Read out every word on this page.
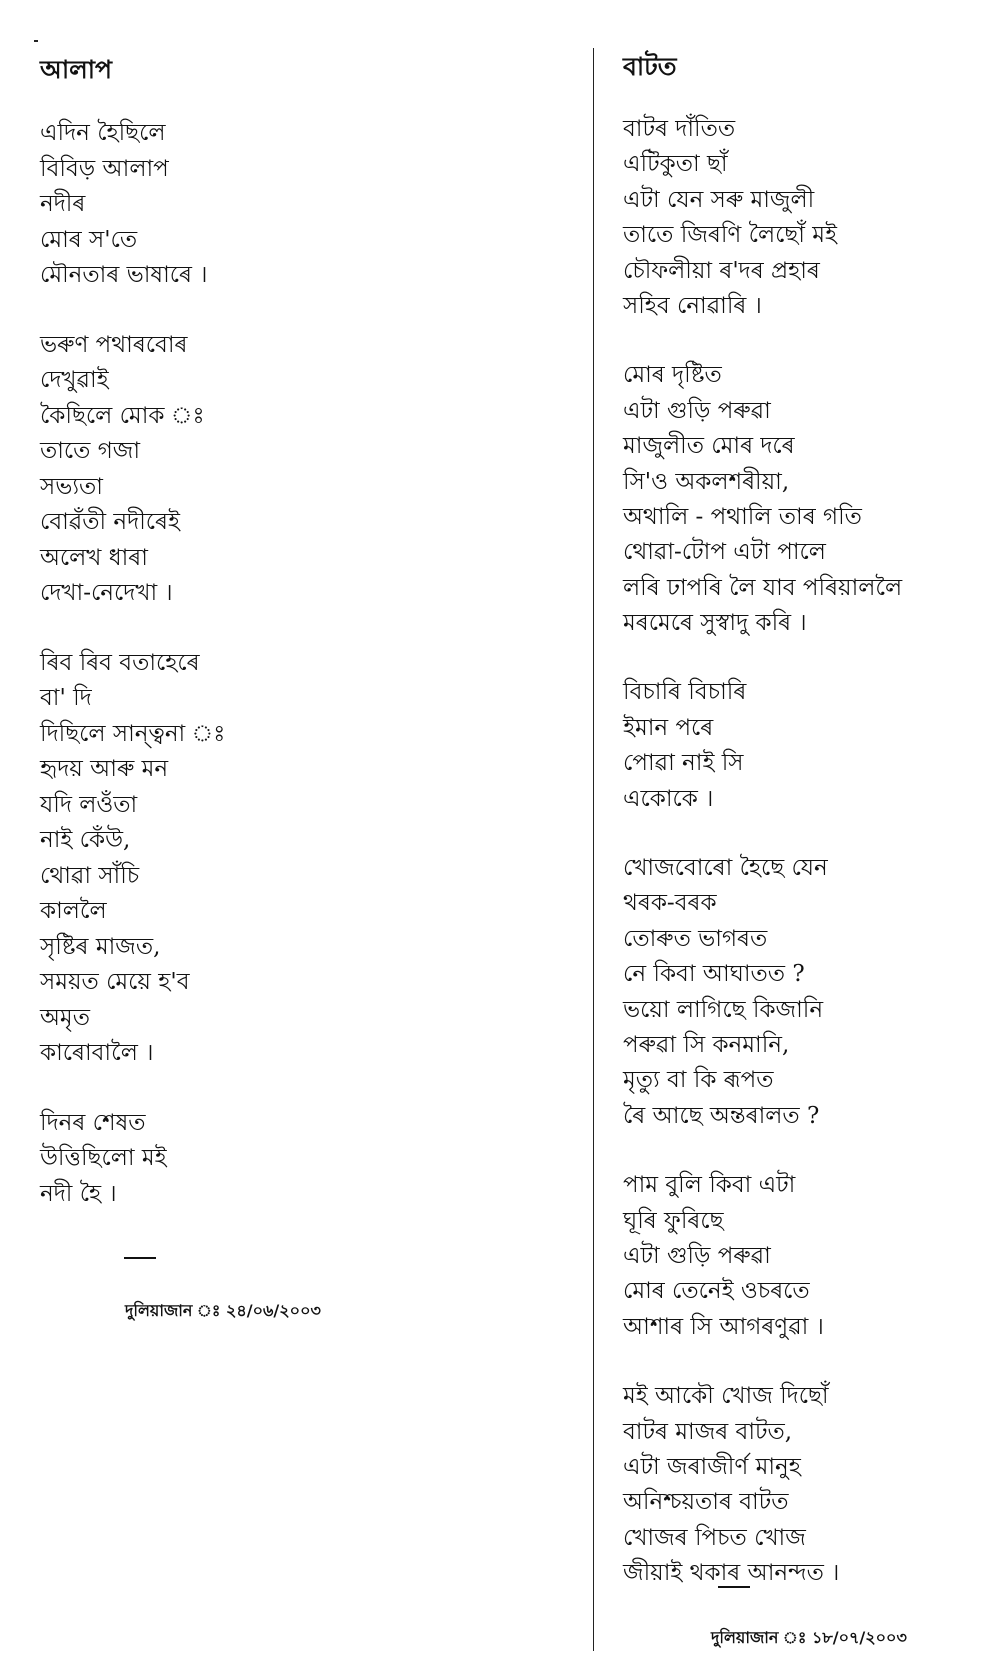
আলাপ
এদিন হৈছিলে
বিবিড় আলাপ
নদীৰ
মোৰ স'তে
মৌনতাৰ ভাষাৰে ।
ভৰুণ পথাৰবোৰ
দেখুৱাই
কৈছিলে মোক ঃ
তাতে গজা
সভ্যতা
বোৱঁতী নদীৰেই
অলেখ ধাৰা
দেখা-নেদেখা ।
ৰিব ৰিব বতাহেৰে
বা' দি
দিছিলে সান্ত্বনা ঃ
হৃদয় আৰু মন
যদি লওঁতা
নাই কেঁউ,
থোৱা সাঁচি
কাললৈ
সৃষ্টিৰ মাজত,
সময়ত মেয়ে হ'ব
অমৃত
কাৰোবালৈ ।
দিনৰ শেষত
উত্তিছিলো মই
নদী হৈ ।
দুলিয়াজান ঃ ২৪/০৬/২০০৩
বাটত
বাটৰ দাঁতিত
এটিকুতা ছাঁ
এটা যেন সৰু মাজুলী
তাতে জিৰণি লৈছোঁ মই
চৌফলীয়া ৰ'দৰ প্ৰহাৰ
সহিব নোৱাৰি ।
মোৰ দৃষ্টিত
এটা গুড়ি পৰুৱা
মাজুলীত মোৰ দৰে
সি'ও অকলশৰীয়া,
অথালি - পথালি তাৰ গতি
থোৱা-টোপ এটা পালে
লৰি ঢাপৰি লৈ যাব পৰিয়াললৈ
মৰমেৰে সুস্বাদু কৰি ।
বিচাৰি বিচাৰি
ইমান পৰে
পোৱা নাই সি
একোকে ।
খোজবোৰো হৈছে যেন
থৰক-বৰক
তোৰুত ভাগৰত
নে কিবা আঘাতত ?
ভয়ো লাগিছে কিজানি
পৰুৱা সি কনমানি,
মৃত্যু বা কি ৰূপত
ৰৈ আছে অন্তৰালত ?
পাম বুলি কিবা এটা
ঘূৰি ফুৰিছে
এটা গুড়ি পৰুৱা
মোৰ তেনেই ওচৰতে
আশাৰ সি আগৰণুৱা ।
মই আকৌ খোজ দিছোঁ
বাটৰ মাজৰ বাটত,
এটা জৰাজীৰ্ণ মানুহ
অনিশ্চয়তাৰ বাটত
খোজৰ পিচত খোজ
জীয়াই থকাৰ আনন্দত ।
দুলিয়াজান ঃ ১৮/০৭/২০০৩
